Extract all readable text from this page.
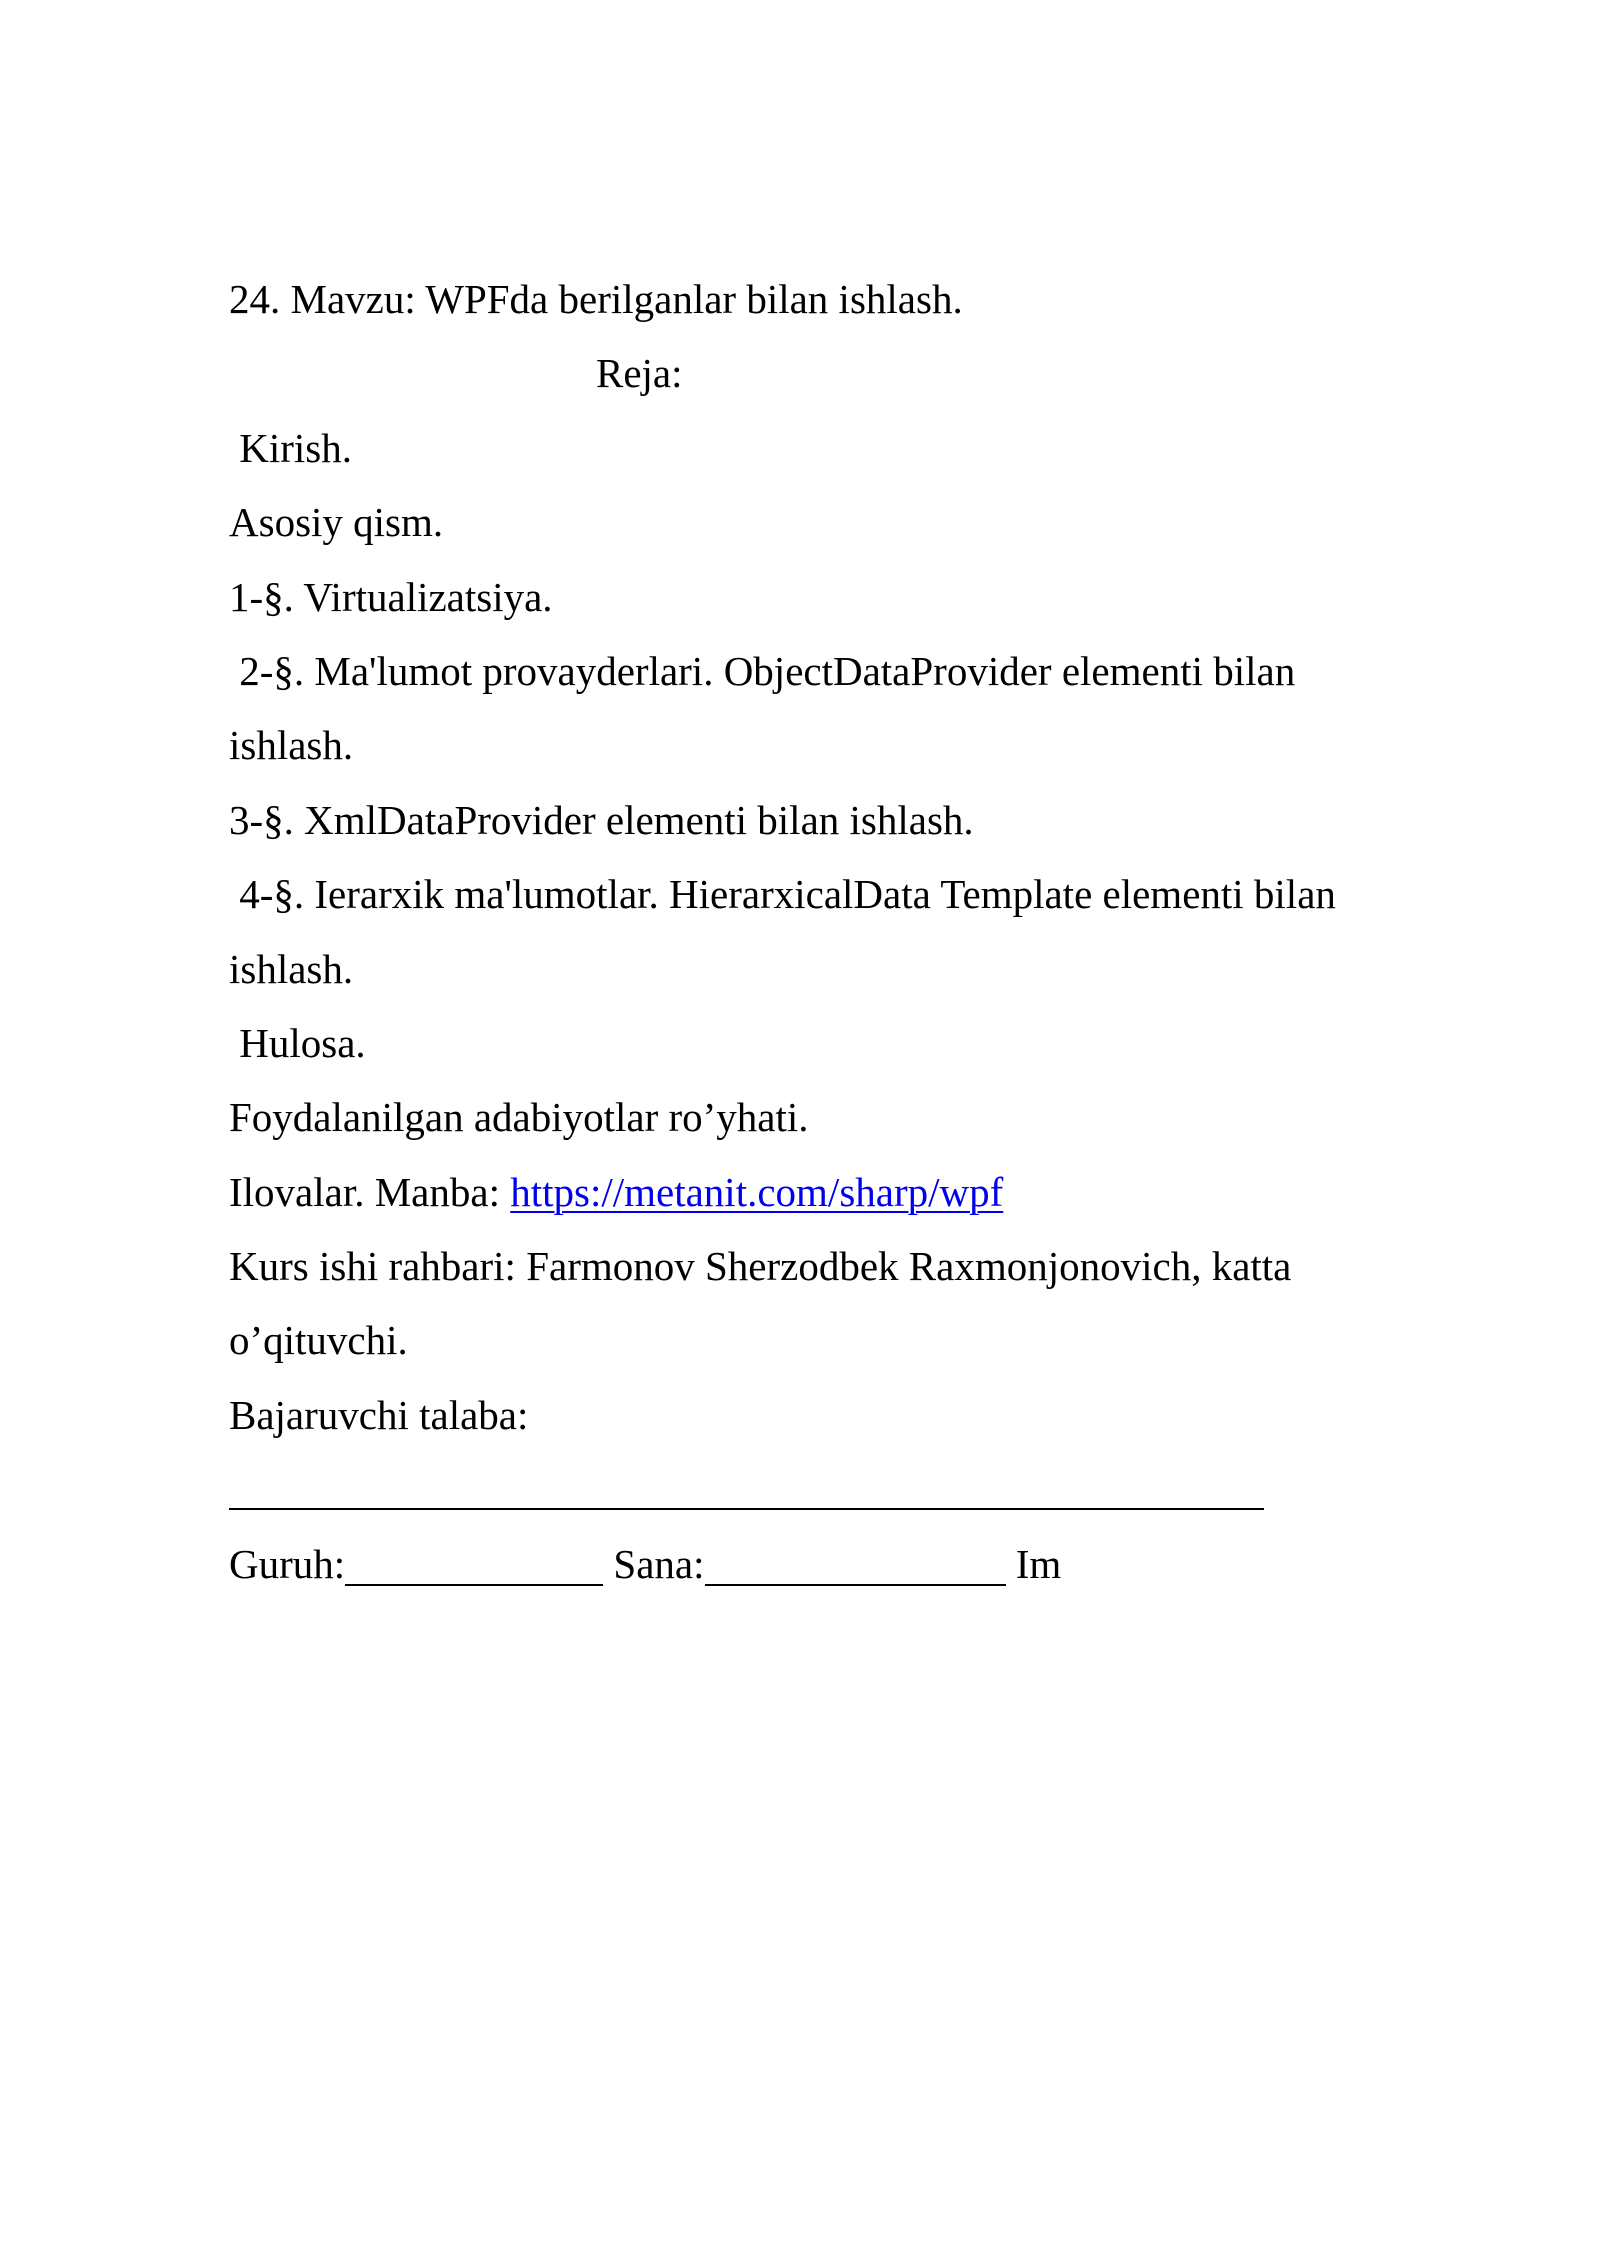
24. Mavzu: WPFda berilganlar bilan ishlash.

Reja:

Kirish.

Asosiy qism.

1-§. Virtualizatsiya.

2-§. Ma'lumot provayderlari. ObjectDataProvider elementi bilan

ishlash.

3-§. XmlDataProvider elementi bilan ishlash.

4-§. Ierarxik ma'lumotlar. HierarxicalData Template elementi bilan

ishlash.

Hulosa.

Foydalanilgan adabiyotlar ro’yhati.

Ilovalar. Manba: https://metanit.com/sharp/wpf

Kurs ishi rahbari: Farmonov Sherzodbek Raxmonjonovich, katta

o’qituvchi.

Bajaruvchi talaba:

Guruh:	Sana:	Im
